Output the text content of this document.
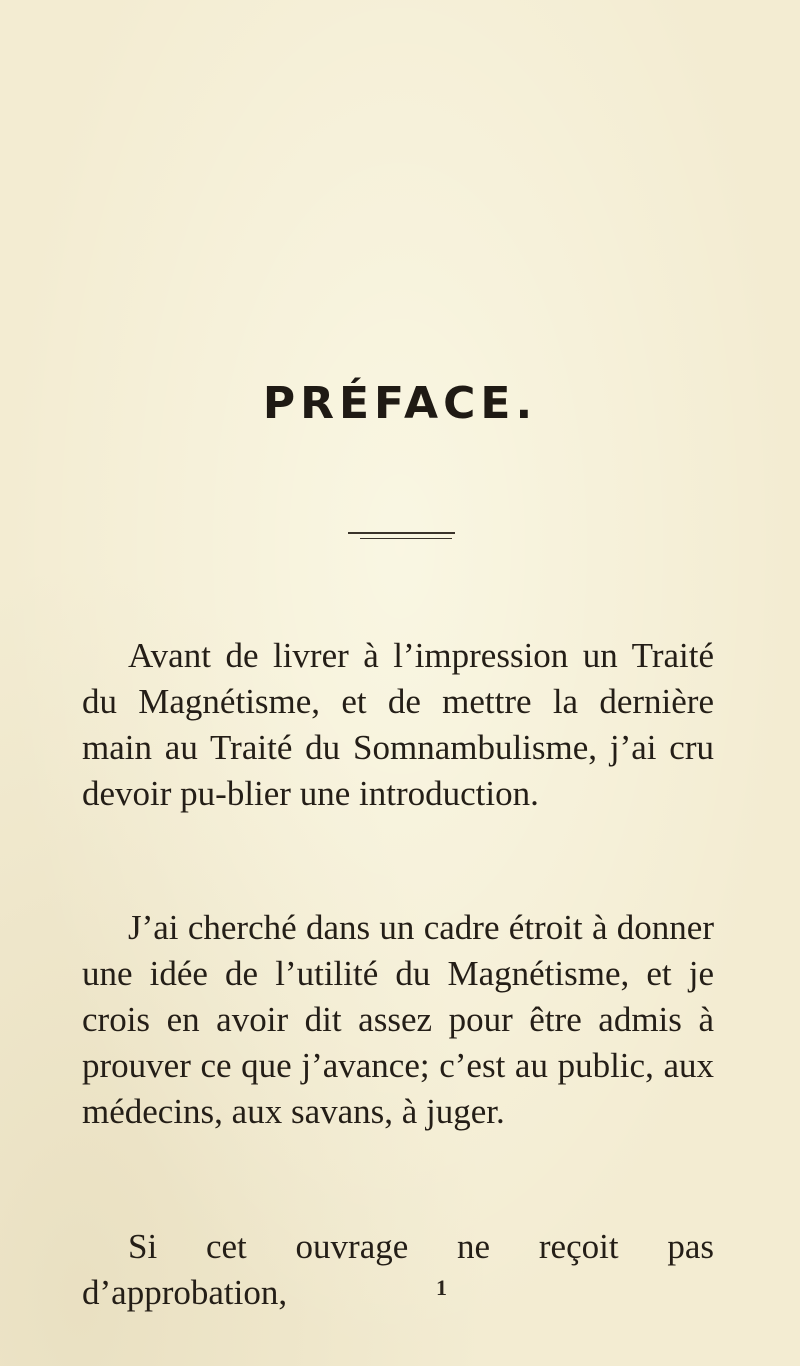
PRÉFACE.

Avant de livrer à l’impression un Traité du Magnétisme, et de mettre la dernière main au Traité du Somnambulisme, j’ai cru devoir pu-blier une introduction.

J’ai cherché dans un cadre étroit à donner une idée de l’utilité du Magnétisme, et je crois en avoir dit assez pour être admis à prouver ce que j’avance; c’est au public, aux médecins, aux savans, à juger.

Si cet ouvrage ne reçoit pas d’approbation,	1
